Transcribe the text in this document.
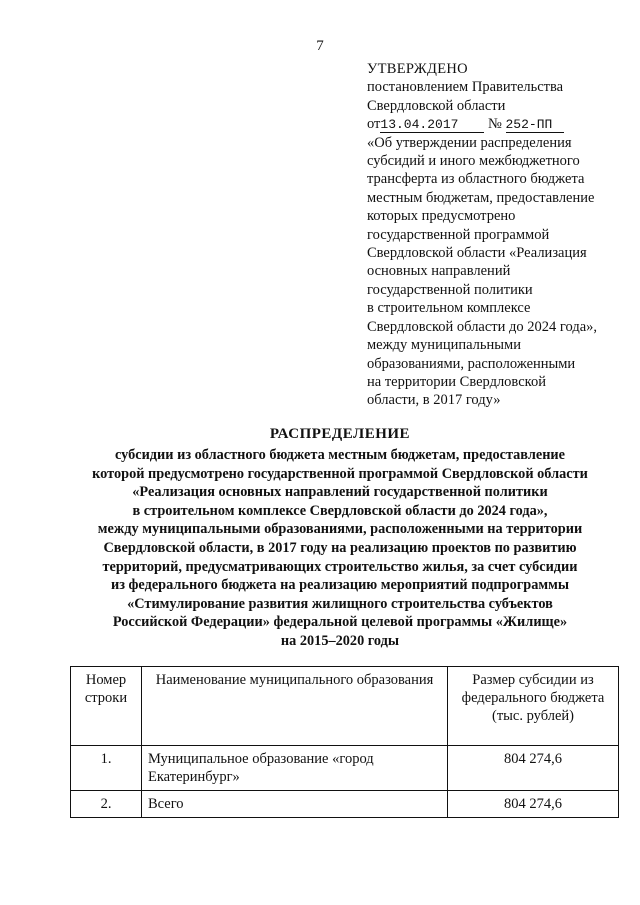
7
УТВЕРЖДЕНО
постановлением Правительства
Свердловской области
от13.04.2017 № 252-ПП
«Об утверждении распределения
субсидий и иного межбюджетного
трансферта из областного бюджета
местным бюджетам, предоставление
которых предусмотрено
государственной программой
Свердловской области «Реализация
основных направлений
государственной политики
в строительном комплексе
Свердловской области до 2024 года»,
между муниципальными
образованиями, расположенными
на территории Свердловской
области, в 2017 году»
РАСПРЕДЕЛЕНИЕ
субсидии из областного бюджета местным бюджетам, предоставление
которой предусмотрено государственной программой Свердловской области
«Реализация основных направлений государственной политики
в строительном комплексе Свердловской области до 2024 года»,
между муниципальными образованиями, расположенными на территории
Свердловской области, в 2017 году на реализацию проектов по развитию
территорий, предусматривающих строительство жилья, за счет субсидии
из федерального бюджета на реализацию мероприятий подпрограммы
«Стимулирование развития жилищного строительства субъектов
Российской Федерации» федеральной целевой программы «Жилище»
на 2015–2020 годы
Номер строки	Наименование муниципального образования	Размер субсидии из федерального бюджета (тыс. рублей)
1.	Муниципальное образование «город Екатеринбург»	804 274,6
2.	Всего	804 274,6
